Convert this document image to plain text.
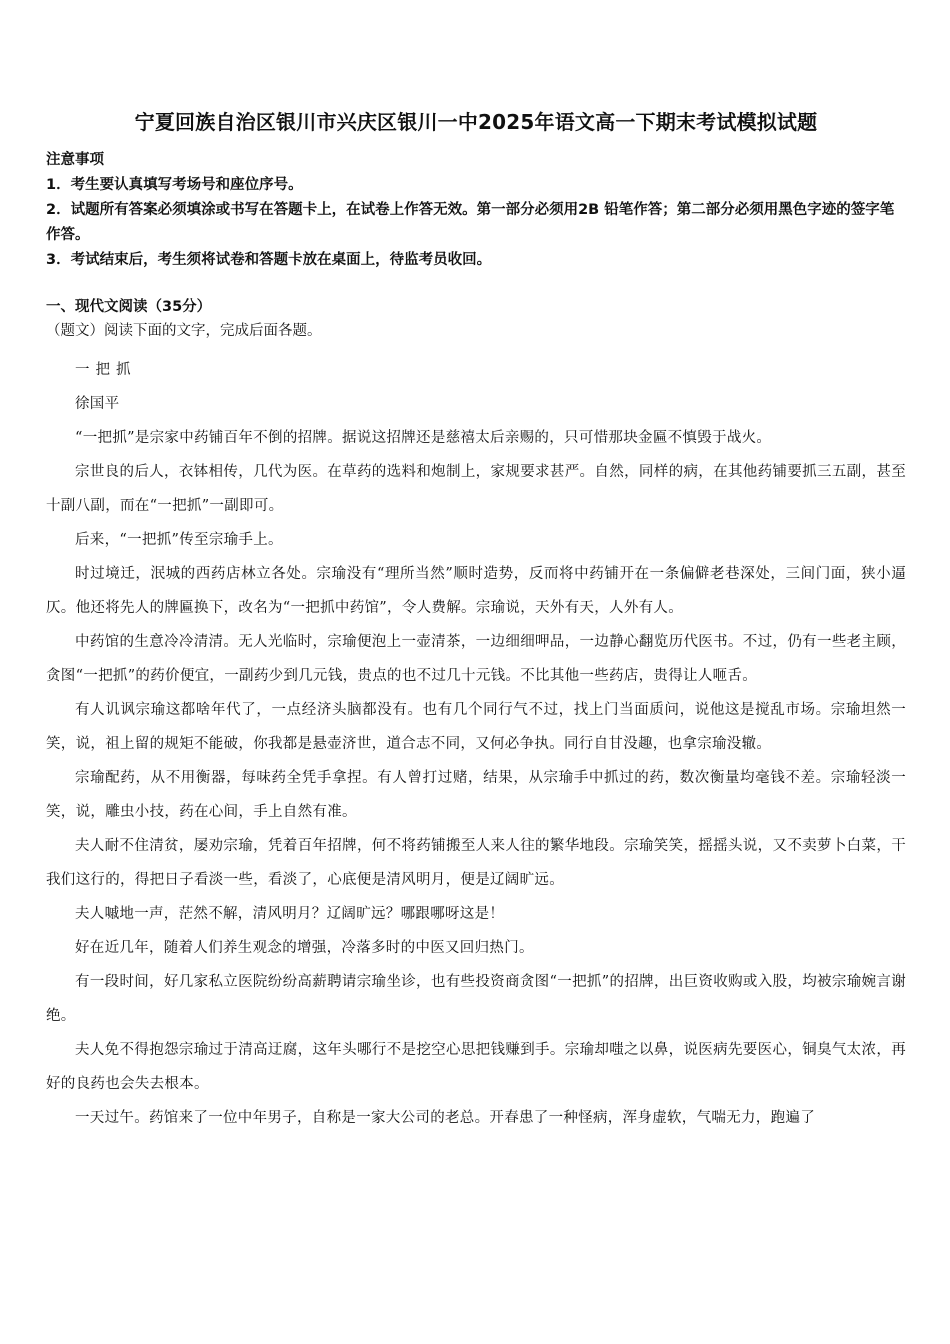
宁夏回族自治区银川市兴庆区银川一中2025年语文高一下期末考试模拟试题

注意事项

1．考生要认真填写考场号和座位序号。

2．试题所有答案必须填涂或书写在答题卡上，在试卷上作答无效。第一部分必须用2B 铅笔作答；第二部分必须用黑色字迹的签字笔作答。

3．考试结束后，考生须将试卷和答题卡放在桌面上，待监考员收回。

一、现代文阅读（35分）
（题文）阅读下面的文字，完成后面各题。

一把抓

徐国平

“一把抓”是宗家中药铺百年不倒的招牌。据说这招牌还是慈禧太后亲赐的，只可惜那块金匾不慎毁于战火。

宗世良的后人，衣钵相传，几代为医。在草药的选料和炮制上，家规要求甚严。自然，同样的病，在其他药铺要抓三五副，甚至十副八副，而在“一把抓”一副即可。

后来，“一把抓”传至宗瑜手上。

时过境迁，泯城的西药店林立各处。宗瑜没有“理所当然”顺时造势，反而将中药铺开在一条偏僻老巷深处，三间门面，狭小逼仄。他还将先人的牌匾换下，改名为“一把抓中药馆”，令人费解。宗瑜说，天外有天，人外有人。

中药馆的生意冷冷清清。无人光临时，宗瑜便泡上一壶清茶，一边细细呷品，一边静心翻览历代医书。不过，仍有一些老主顾，贪图“一把抓”的药价便宜，一副药少到几元钱，贵点的也不过几十元钱。不比其他一些药店，贵得让人咂舌。

有人讥讽宗瑜这都啥年代了，一点经济头脑都没有。也有几个同行气不过，找上门当面质问，说他这是搅乱市场。宗瑜坦然一笑，说，祖上留的规矩不能破，你我都是悬壶济世，道合志不同，又何必争执。同行自甘没趣，也拿宗瑜没辙。

宗瑜配药，从不用衡器，每味药全凭手拿捏。有人曾打过赌，结果，从宗瑜手中抓过的药，数次衡量均毫钱不差。宗瑜轻淡一笑，说，雕虫小技，药在心间，手上自然有准。

夫人耐不住清贫，屡劝宗瑜，凭着百年招牌，何不将药铺搬至人来人往的繁华地段。宗瑜笑笑，摇摇头说，又不卖萝卜白菜，干我们这行的，得把日子看淡一些，看淡了，心底便是清风明月，便是辽阔旷远。

夫人嘁地一声，茫然不解，清风明月？辽阔旷远？哪跟哪呀这是！

好在近几年，随着人们养生观念的增强，冷落多时的中医又回归热门。

有一段时间，好几家私立医院纷纷高薪聘请宗瑜坐诊，也有些投资商贪图“一把抓”的招牌，出巨资收购或入股，均被宗瑜婉言谢绝。

夫人免不得抱怨宗瑜过于清高迂腐，这年头哪行不是挖空心思把钱赚到手。宗瑜却嗤之以鼻，说医病先要医心，铜臭气太浓，再好的良药也会失去根本。

一天过午。药馆来了一位中年男子，自称是一家大公司的老总。开春患了一种怪病，浑身虚软，气喘无力，跑遍了
